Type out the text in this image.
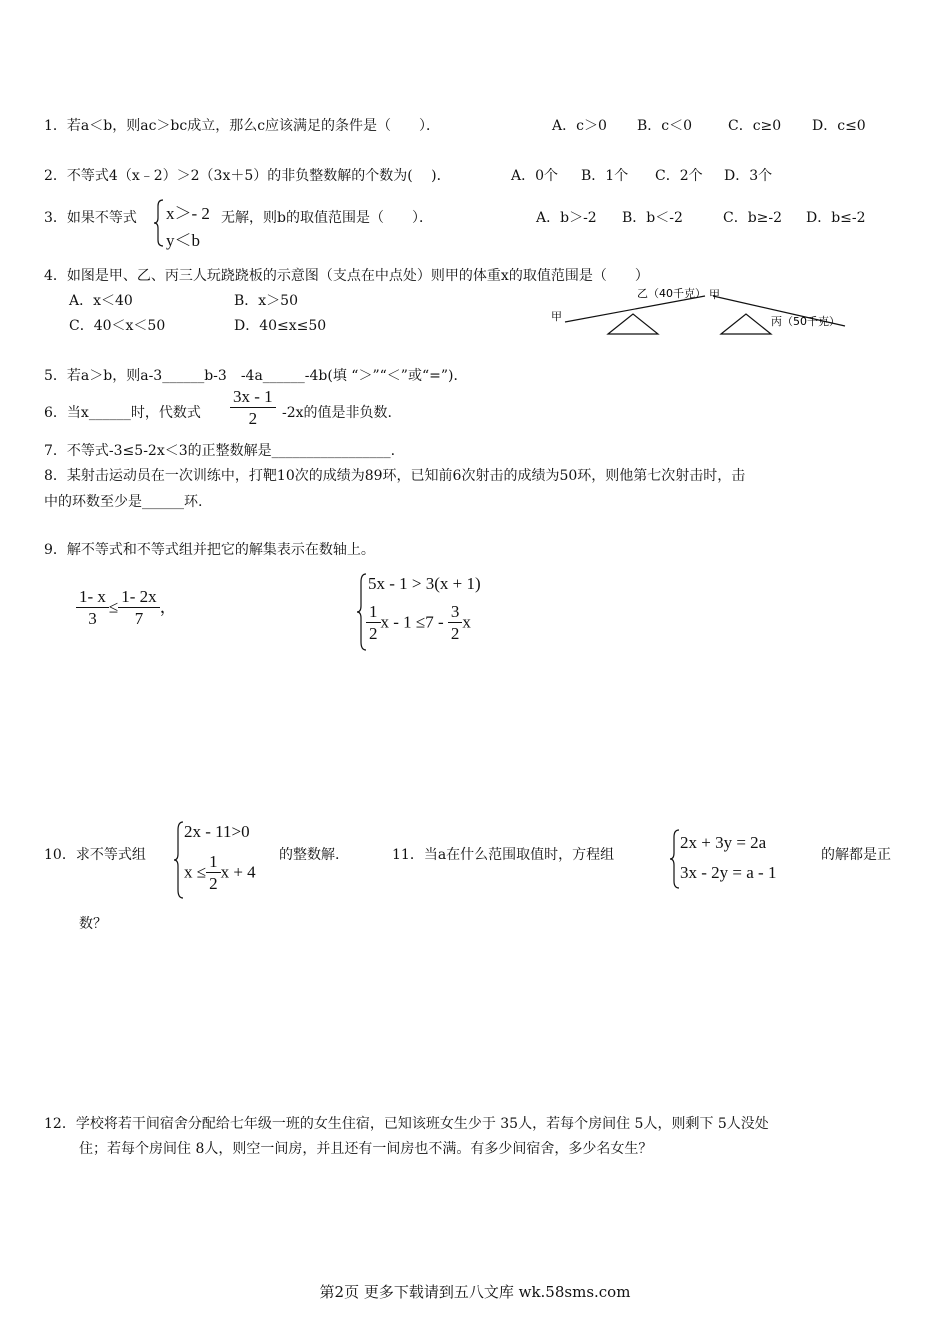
1．若a＜b，则ac＞bc成立，那么c应该满足的条件是（　　）．	A．c＞0 B．c＜0	C．c≥0 D．c≤0
2．不等式4（x﹣2）＞2（3x＋5）的非负整数解的个数为(　 )．	A．0个 B．1个 C．2个 D．3个
3．如果不等式 x＞- 2
y＜b
无解，则b的取值范围是（　　）．	A．b＞-2 B．b＜-2	C．b≥-2 D．b≤-2
4．如图是甲、乙、丙三人玩跷跷板的示意图（支点在中点处）则甲的体重x的取值范围是（　　）
A．x＜40	B．x＞50
C．40＜x＜50	D．40≤x≤50
甲
乙（40千克） 甲
丙（50千克）
5．若a＞b，则a-3______b-3　-4a______-4b(填 “＞”“＜”或“=”)．
6．当x______时，代数式 $\frac{3x - 1}{2} -2x$的值是非负数.
7．不等式-3≤5-2x＜3的正整数解是_________________.
8．某射击运动员在一次训练中，打靶10次的成绩为89环，已知前6次射击的成绩为50环，则他第七次射击时，击
中的环数至少是______环.
9．解不等式和不等式组并把它的解集表示在数轴上。
$\frac{1- x}{3} \le \frac{1- 2x}{7}$ ，
5x - 1 > 3(x + 1)
$\frac{1}{2}$ $x - 1 \le 7 - \frac{3}{2}$ x
10．求不等式组
2x - 11>0
$x \le \frac{1}{2}$ x + 4
的整数解.	11．当a在什么范围取值时，方程组
2x + 3y = 2a
3x - 2y = a - 1
的解都是正
数？
12．学校将若干间宿舍分配给七年级一班的女生住宿，已知该班女生少于 35人，若每个房间住 5人，则剩下 5人没处
住；若每个房间住 8人，则空一间房，并且还有一间房也不满。有多少间宿舍，多少名女生？
第2页 更多下载请到五八文库 wk.58sms.com
